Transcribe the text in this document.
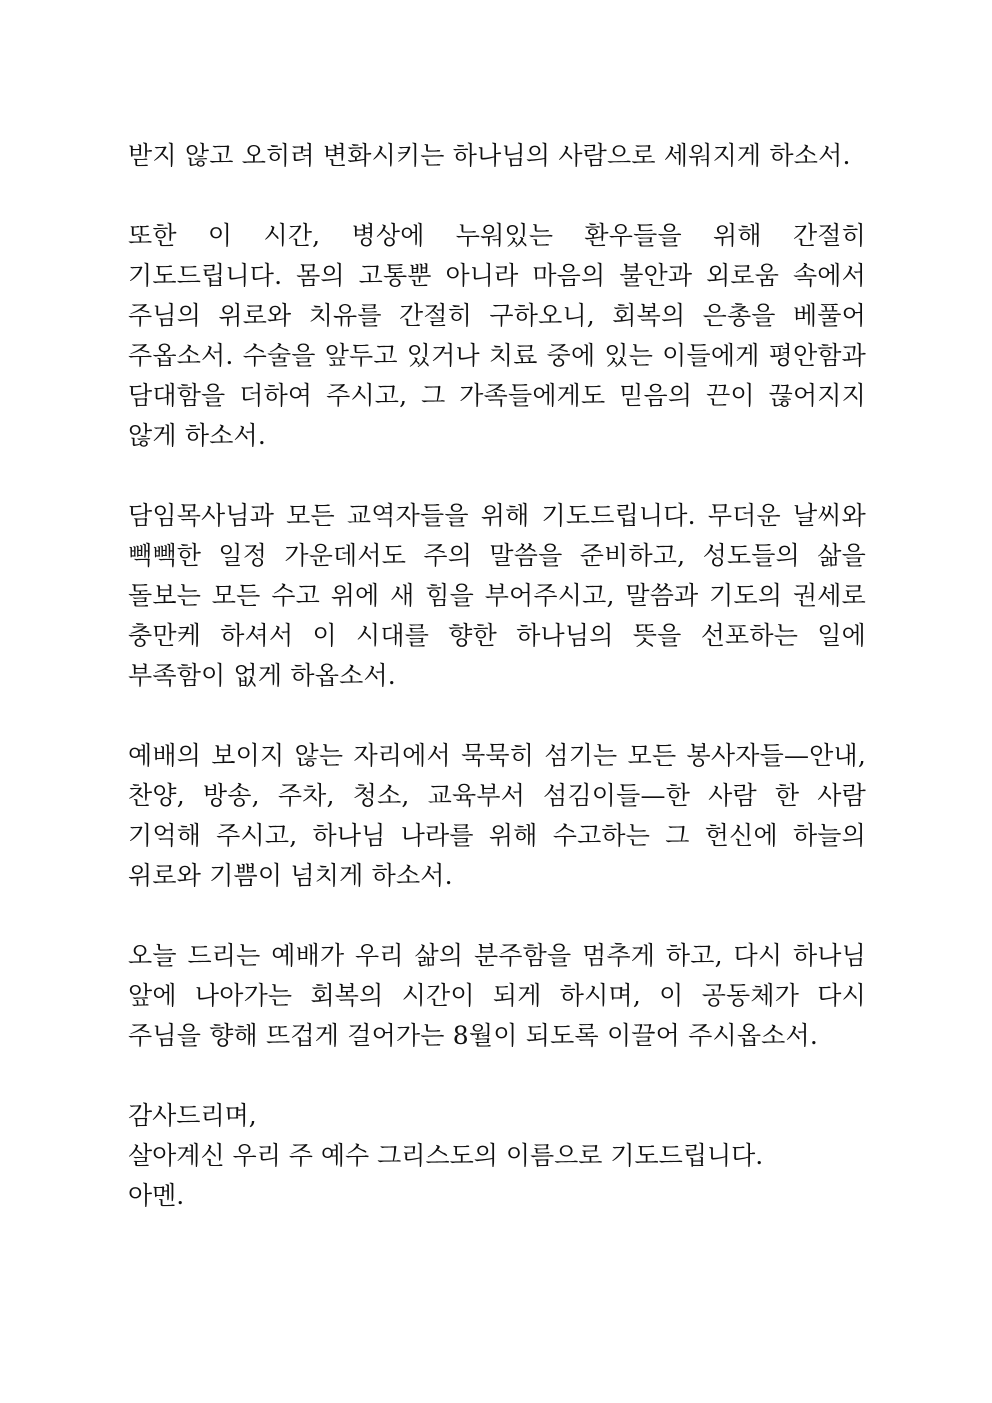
받지 않고 오히려 변화시키는 하나님의 사람으로 세워지게 하소서.

또한 이 시간, 병상에 누워있는 환우들을 위해 간절히 기도드립니다. 몸의 고통뿐 아니라 마음의 불안과 외로움 속에서 주님의 위로와 치유를 간절히 구하오니, 회복의 은총을 베풀어 주옵소서. 수술을 앞두고 있거나 치료 중에 있는 이들에게 평안함과 담대함을 더하여 주시고, 그 가족들에게도 믿음의 끈이 끊어지지 않게 하소서.

담임목사님과 모든 교역자들을 위해 기도드립니다. 무더운 날씨와 빽빽한 일정 가운데서도 주의 말씀을 준비하고, 성도들의 삶을 돌보는 모든 수고 위에 새 힘을 부어주시고, 말씀과 기도의 권세로 충만케 하셔서 이 시대를 향한 하나님의 뜻을 선포하는 일에 부족함이 없게 하옵소서.

예배의 보이지 않는 자리에서 묵묵히 섬기는 모든 봉사자들—안내, 찬양, 방송, 주차, 청소, 교육부서 섬김이들—한 사람 한 사람 기억해 주시고, 하나님 나라를 위해 수고하는 그 헌신에 하늘의 위로와 기쁨이 넘치게 하소서.

오늘 드리는 예배가 우리 삶의 분주함을 멈추게 하고, 다시 하나님 앞에 나아가는 회복의 시간이 되게 하시며, 이 공동체가 다시 주님을 향해 뜨겁게 걸어가는 8월이 되도록 이끌어 주시옵소서.

감사드리며,
살아계신 우리 주 예수 그리스도의 이름으로 기도드립니다.
아멘.
